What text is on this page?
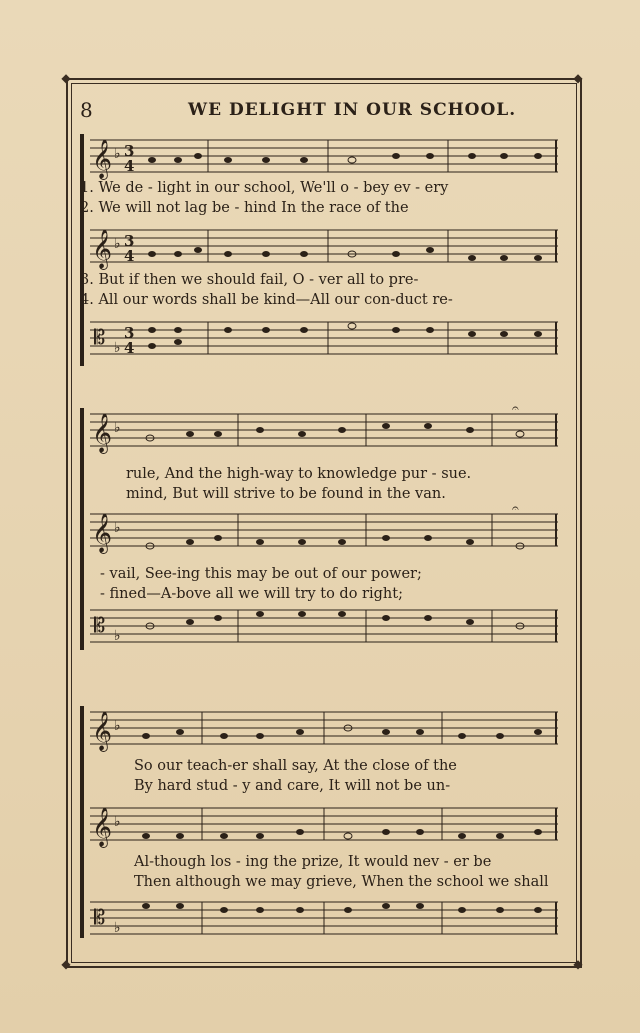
◆	◆
◆	◆
8	WE DELIGHT IN OUR SCHOOL.
𝄞 ♭ 3
4
1. We de - light in our school, We'll o - bey ev - ery
2. We will not lag be - hind In the race of the
𝄞 ♭ 3
4
3. But if then we should fail, O - ver all to pre-
4. All our words shall be kind—All our con-duct re-
𝄡 ♭
3
4
𝄞 ♭
𝄐
rule, And the high-way to knowledge pur - sue.
mind, But will strive to be found in the van.
𝄞 ♭
𝄐
- vail, See-ing this may be out of our power;
- fined—A-bove all we will try to do right;
𝄡 ♭
𝄞 ♭
So our teach-er shall say, At the close of the
By hard stud - y and care, It will not be un-
𝄞 ♭
Al-though los - ing the prize, It would nev - er be
Then although we may grieve, When the school we shall
𝄡 ♭
